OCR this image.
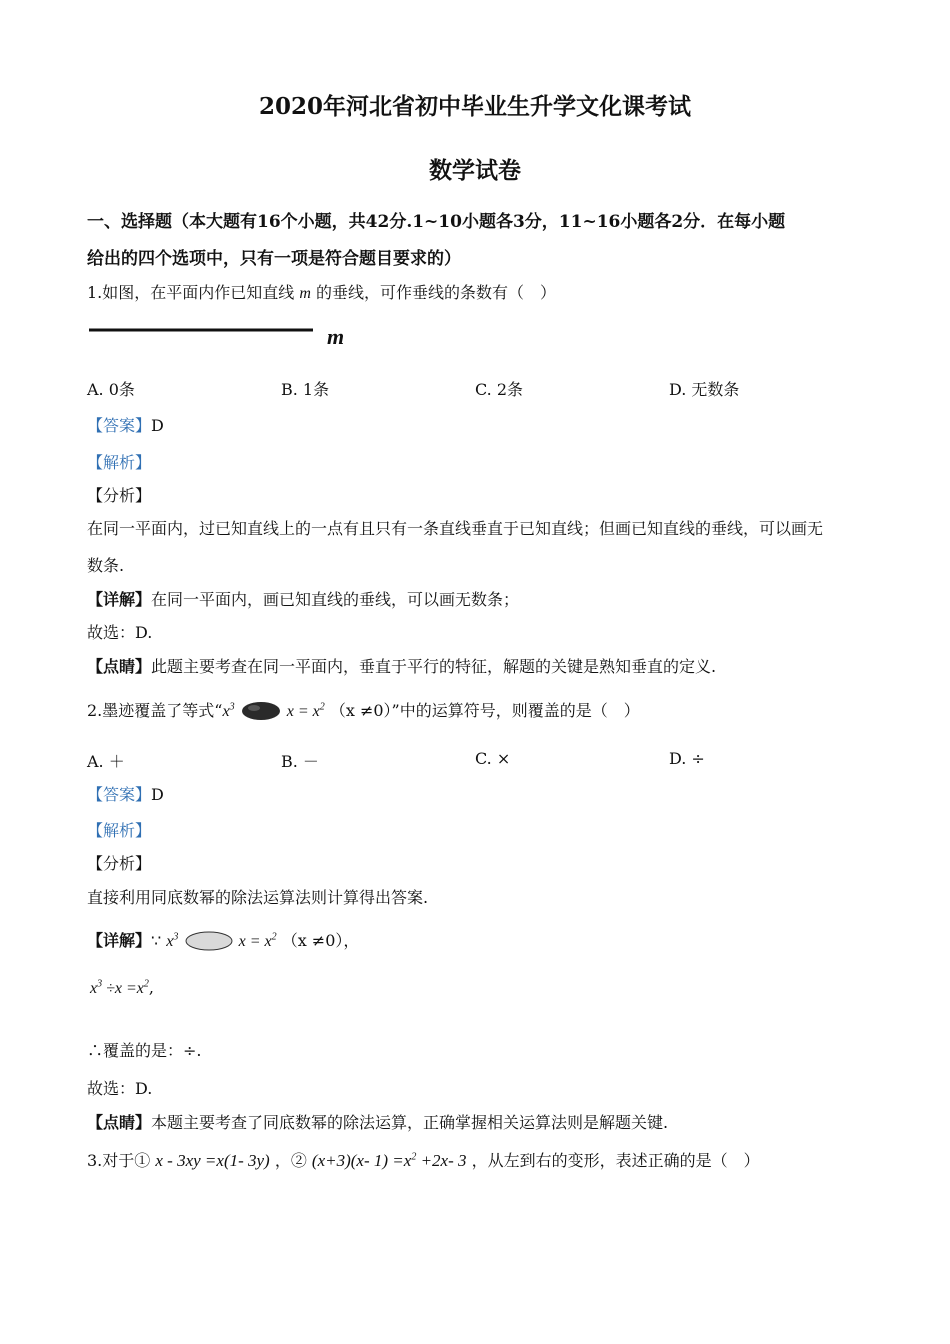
2020年河北省初中毕业生升学文化课考试
数学试卷
一、选择题（本大题有16个小题，共42分.1~10小题各3分，11~16小题各2分．在每小题
给出的四个选项中，只有一项是符合题目要求的）
1.如图，在平面内作已知直线 m 的垂线，可作垂线的条数有（　）
m
A. 0条	B. 1条	C. 2条	D. 无数条
【答案】D
【解析】
【分析】
在同一平面内，过已知直线上的一点有且只有一条直线垂直于已知直线；但画已知直线的垂线，可以画无
数条.
【详解】在同一平面内，画已知直线的垂线，可以画无数条；
故选：D.
【点睛】此题主要考查在同一平面内，垂直于平行的特征，解题的关键是熟知垂直的定义.
2.墨迹覆盖了等式“$x^3$	$x = x^2$ （x ≠0）”中的运算符号，则覆盖的是（　）
A. ＋	B. －	C. ×	D. ÷
【答案】D
【解析】
【分析】
直接利用同底数幂的除法运算法则计算得出答案.
【详解】∵ $x^3$	$x = x^2$ （x ≠0），
$x^3 \div x =x^2$,
∴覆盖的是：÷.
故选：D.
【点睛】本题主要考查了同底数幂的除法运算，正确掌握相关运算法则是解题关键.
3.对于① x - 3xy =x(1- 3y) ，② (x+3)(x- $1) =x^2 +2x-$ 3 ，从左到右的变形，表述正确的是（　）
